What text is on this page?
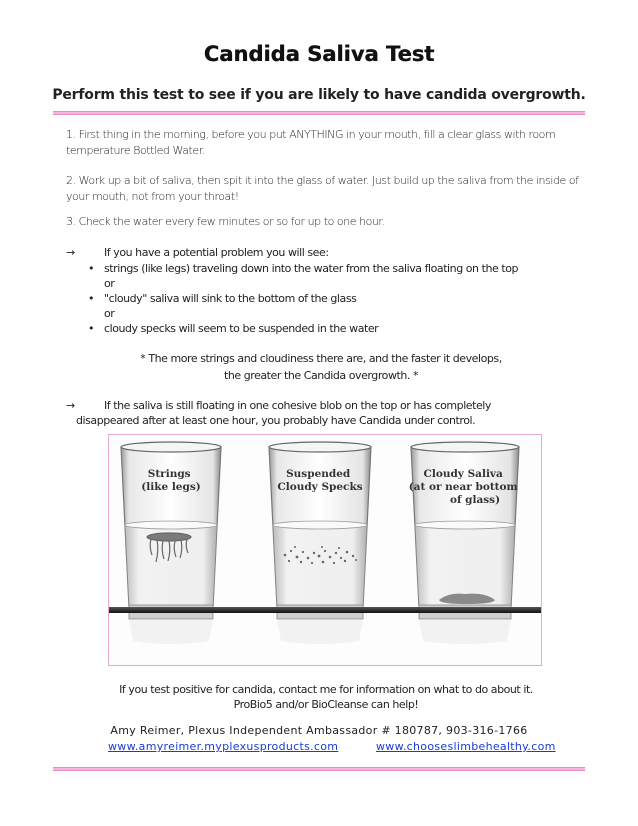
Candida Saliva Test
Perform this test to see if you are likely to have candida overgrowth.
1. First thing in the morning, before you put ANYTHING in your mouth, fill a clear glass with room temperature Bottled Water.
2. Work up a bit of saliva, then spit it into the glass of water. Just build up the saliva from the inside of your mouth, not from your throat!
3. Check the water every few minutes or so for up to one hour.
→	If you have a potential problem you will see:
• strings (like legs) traveling down into the water from the saliva floating on the top
or
• "cloudy" saliva will sink to the bottom of the glass
or
• cloudy specks will seem to be suspended in the water
* The more strings and cloudiness there are, and the faster it develops,
the greater the Candida overgrowth. *
→	If the saliva is still floating in one cohesive blob on the top or has completely
disappeared after at least one hour, you probably have Candida under control.
Strings (like legs)
Suspended Cloudy Specks
Cloudy Saliva (at or near bottom of glass)
If you test positive for candida, contact me for information on what to do about it.
ProBio5 and/or BioCleanse can help!
Amy Reimer, Plexus Independent Ambassador # 180787, 903-316-1766
www.amyreimer.myplexusproducts.com	www.chooseslimbehealthy.com
